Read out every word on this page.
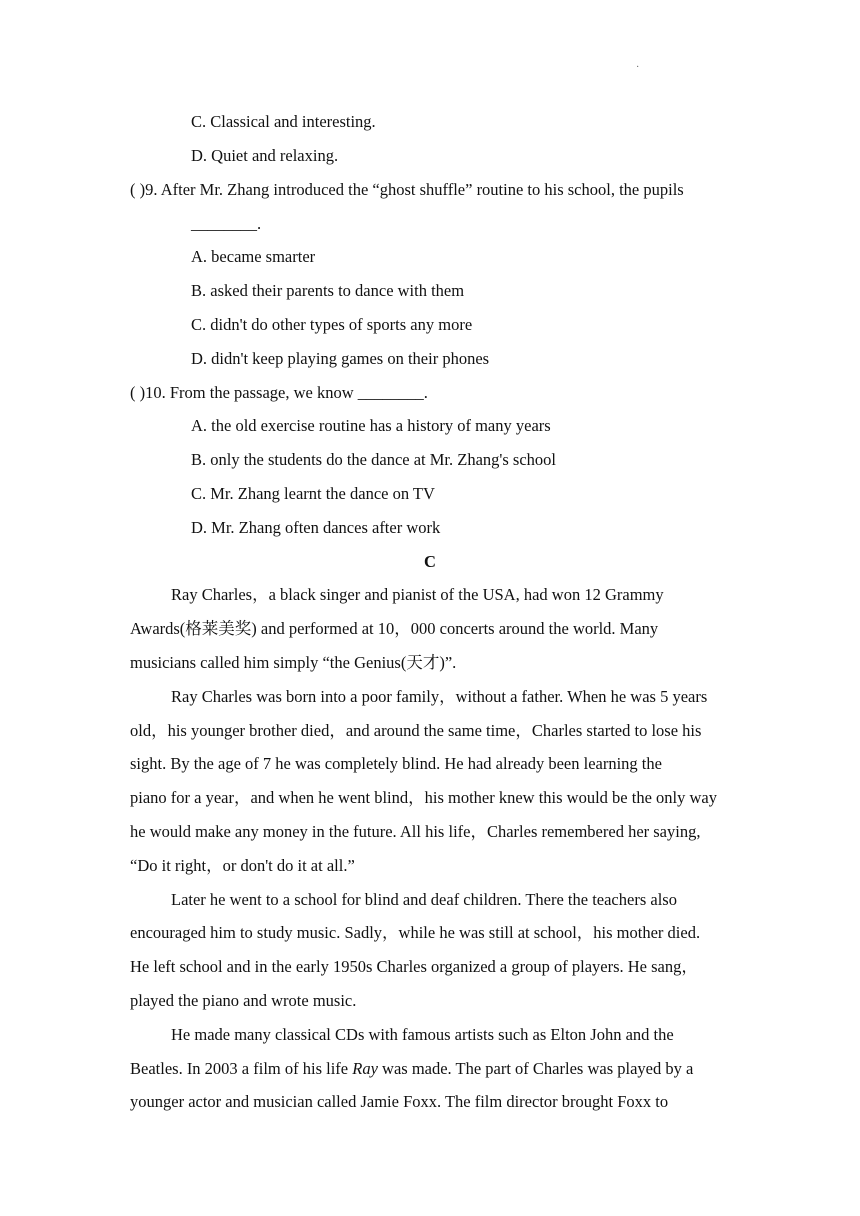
·
C. Classical and interesting.
D. Quiet and relaxing.
( )9. After Mr. Zhang introduced the “ghost shuffle” routine to his school, the pupils
________.
A. became smarter
B. asked their parents to dance with them
C. didn't do other types of sports any more
D. didn't keep playing games on their phones
( )10. From the passage, we know ________.
A. the old exercise routine has a history of many years
B. only the students do the dance at Mr. Zhang's school
C. Mr. Zhang learnt the dance on TV
D. Mr. Zhang often dances after work
C
Ray Charles，a black singer and pianist of the USA, had won 12 Grammy
Awards(格莱美奖) and performed at 10，000 concerts around the world. Many
musicians called him simply “the Genius(天才)”.
Ray Charles was born into a poor family，without a father. When he was 5 years
old，his younger brother died，and around the same time，Charles started to lose his
sight. By the age of 7 he was completely blind. He had already been learning the
piano for a year，and when he went blind，his mother knew this would be the only way
he would make any money in the future. All his life，Charles remembered her saying,
“Do it right，or don't do it at all.”
Later he went to a school for blind and deaf children. There the teachers also
encouraged him to study music. Sadly，while he was still at school，his mother died.
He left school and in the early 1950s Charles organized a group of players. He sang，
played the piano and wrote music.
He made many classical CDs with famous artists such as Elton John and the
Beatles. In 2003 a film of his life Ray was made. The part of Charles was played by a
younger actor and musician called Jamie Foxx. The film director brought Foxx to
